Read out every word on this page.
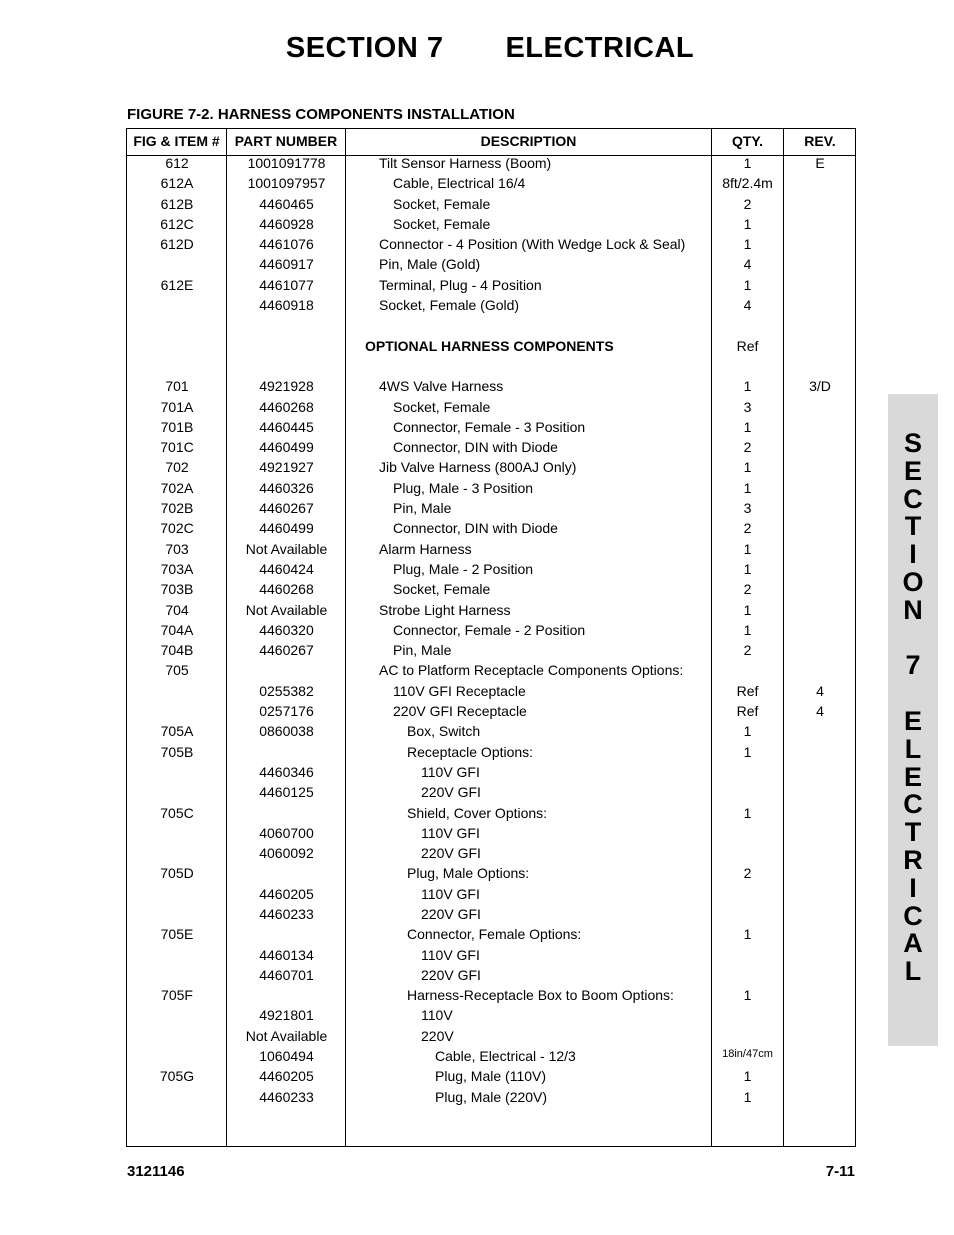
SECTION 7 ELECTRICAL
FIGURE 7-2. HARNESS COMPONENTS INSTALLATION
FIG & ITEM #	PART NUMBER	DESCRIPTION	QTY.	REV.
612	1001091778	Tilt Sensor Harness (Boom)	1	E
612A	1001097957	Cable, Electrical 16/4	8ft/2.4m
612B	4460465	Socket, Female	2
612C	4460928	Socket, Female	1
612D	4461076	Connector - 4 Position (With Wedge Lock & Seal)	1
4460917	Pin, Male (Gold)	4
612E	4461077	Terminal, Plug - 4 Position	1
4460918	Socket, Female (Gold)	4
OPTIONAL HARNESS COMPONENTS	Ref
701	4921928	4WS Valve Harness	1	3/D
701A	4460268	Socket, Female	3
701B	4460445	Connector, Female - 3 Position	1
701C	4460499	Connector, DIN with Diode	2
702	4921927	Jib Valve Harness (800AJ Only)	1
702A	4460326	Plug, Male - 3 Position	1
702B	4460267	Pin, Male	3
702C	4460499	Connector, DIN with Diode	2
703	Not Available	Alarm Harness	1
703A	4460424	Plug, Male - 2 Position	1
703B	4460268	Socket, Female	2
704	Not Available	Strobe Light Harness	1
704A	4460320	Connector, Female - 2 Position	1
704B	4460267	Pin, Male	2
705	AC to Platform Receptacle Components Options:
0255382	110V GFI Receptacle	Ref	4
0257176	220V GFI Receptacle	Ref	4
705A	0860038	Box, Switch	1
705B	Receptacle Options:	1
4460346	110V GFI
4460125	220V GFI
705C	Shield, Cover Options:	1
4060700	110V GFI
4060092	220V GFI
705D	Plug, Male Options:	2
4460205	110V GFI
4460233	220V GFI
705E	Connector, Female Options:	1
4460134	110V GFI
4460701	220V GFI
705F	Harness-Receptacle Box to Boom Options:	1
4921801	110V
Not Available	220V
1060494	Cable, Electrical - 12/3	18in/47cm
705G	4460205	Plug, Male (110V)	1
4460233	Plug, Male (220V)	1
3121146	7-11
S
E
C
T
I
O
N

7

E
L
E
C
T
R
I
C
A
L
